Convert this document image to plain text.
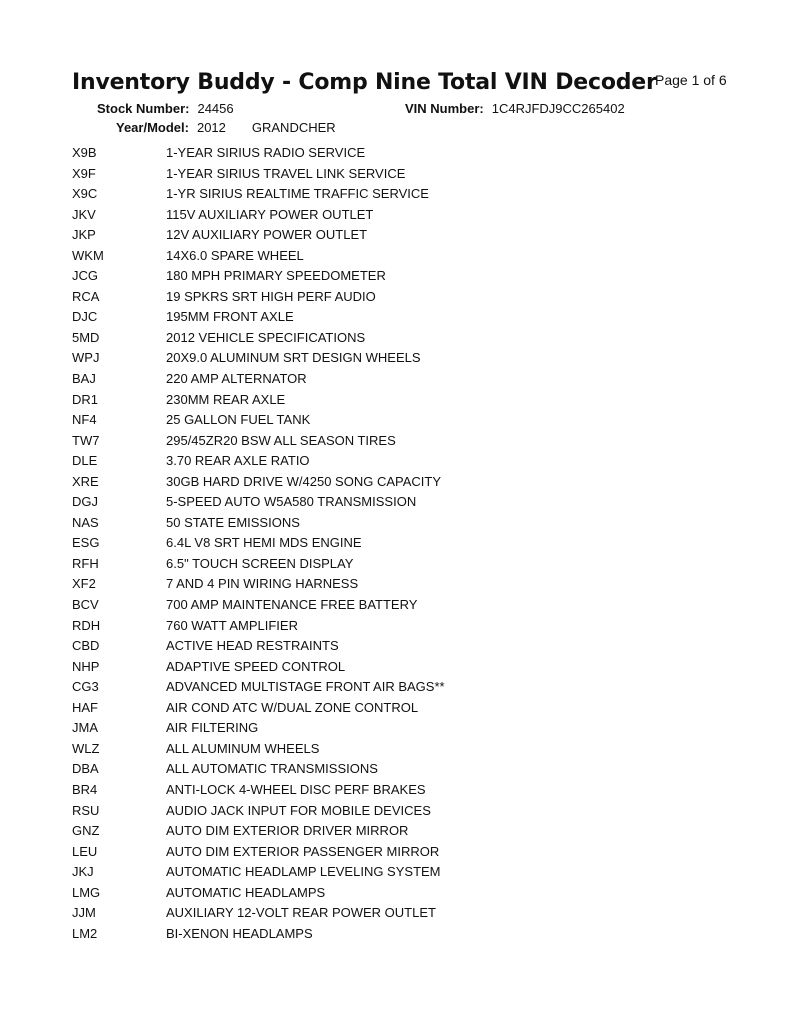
Inventory Buddy - Comp Nine Total VIN Decoder
Page 1 of 6
Stock Number: 24456	VIN Number: 1C4RJFDJ9CC265402
Year/Model: 2012 GRANDCHER
X9B	1-YEAR SIRIUS RADIO SERVICE
X9F	1-YEAR SIRIUS TRAVEL LINK SERVICE
X9C	1-YR SIRIUS REALTIME TRAFFIC SERVICE
JKV	115V AUXILIARY POWER OUTLET
JKP	12V AUXILIARY POWER OUTLET
WKM	14X6.0 SPARE WHEEL
JCG	180 MPH PRIMARY SPEEDOMETER
RCA	19 SPKRS SRT HIGH PERF AUDIO
DJC	195MM FRONT AXLE
5MD	2012 VEHICLE SPECIFICATIONS
WPJ	20X9.0 ALUMINUM SRT DESIGN WHEELS
BAJ	220 AMP ALTERNATOR
DR1	230MM REAR AXLE
NF4	25 GALLON FUEL TANK
TW7	295/45ZR20 BSW ALL SEASON TIRES
DLE	3.70 REAR AXLE RATIO
XRE	30GB HARD DRIVE W/4250 SONG CAPACITY
DGJ	5-SPEED AUTO W5A580 TRANSMISSION
NAS	50 STATE EMISSIONS
ESG	6.4L V8 SRT HEMI MDS ENGINE
RFH	6.5" TOUCH SCREEN DISPLAY
XF2	7 AND 4 PIN WIRING HARNESS
BCV	700 AMP MAINTENANCE FREE BATTERY
RDH	760 WATT AMPLIFIER
CBD	ACTIVE HEAD RESTRAINTS
NHP	ADAPTIVE SPEED CONTROL
CG3	ADVANCED MULTISTAGE FRONT AIR BAGS**
HAF	AIR COND ATC W/DUAL ZONE CONTROL
JMA	AIR FILTERING
WLZ	ALL ALUMINUM WHEELS
DBA	ALL AUTOMATIC TRANSMISSIONS
BR4	ANTI-LOCK 4-WHEEL DISC PERF BRAKES
RSU	AUDIO JACK INPUT FOR MOBILE DEVICES
GNZ	AUTO DIM EXTERIOR DRIVER MIRROR
LEU	AUTO DIM EXTERIOR PASSENGER MIRROR
JKJ	AUTOMATIC HEADLAMP LEVELING SYSTEM
LMG	AUTOMATIC HEADLAMPS
JJM	AUXILIARY 12-VOLT REAR POWER OUTLET
LM2	BI-XENON HEADLAMPS
